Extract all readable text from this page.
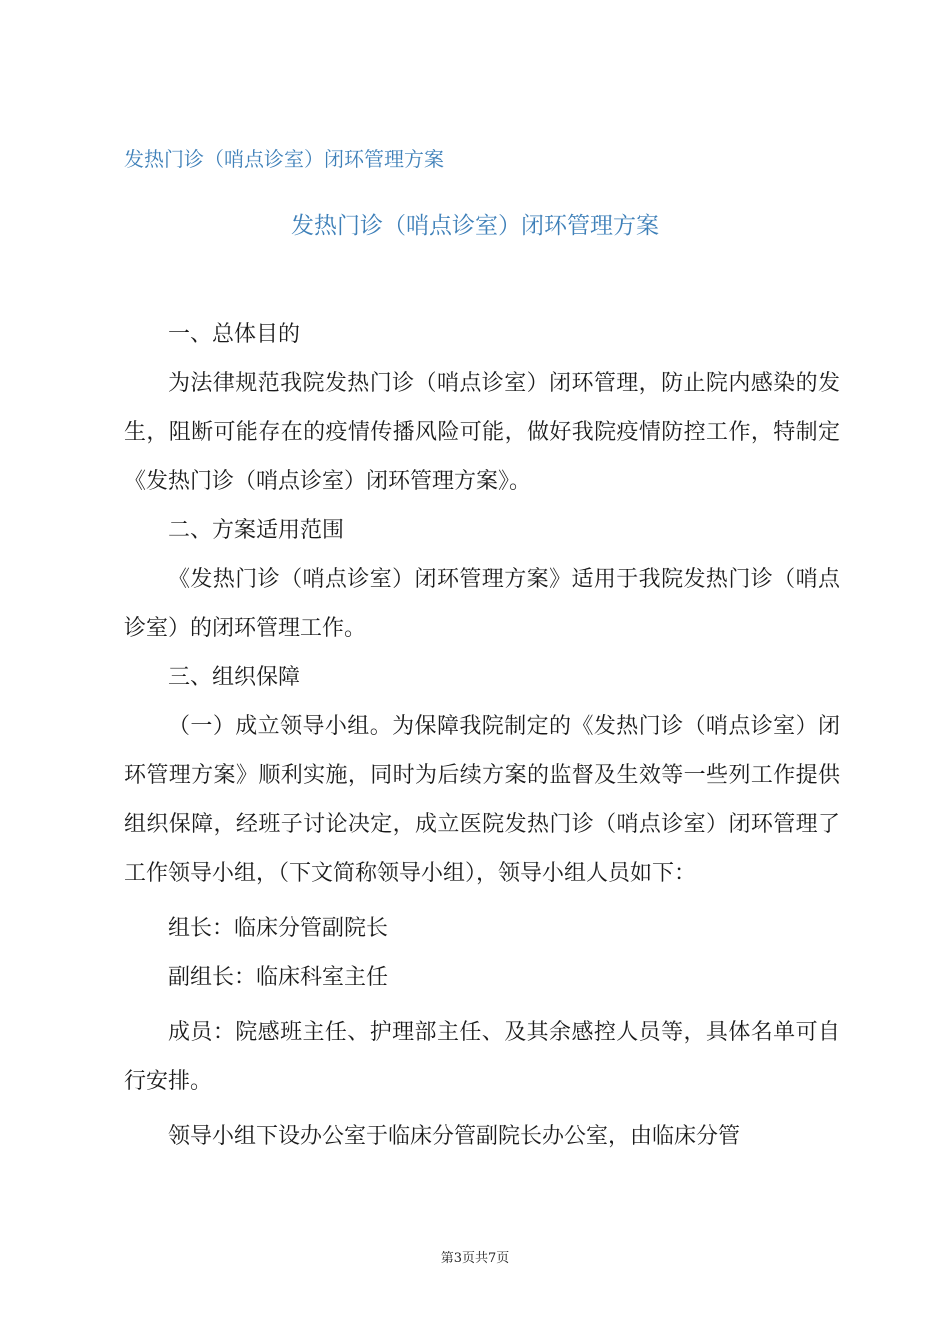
发热门诊（哨点诊室）闭环管理方案
发热门诊（哨点诊室）闭环管理方案

一、总体目的

为法律规范我院发热门诊（哨点诊室）闭环管理，防止院内感染的发生，阻断可能存在的疫情传播风险可能，做好我院疫情防控工作，特制定《发热门诊（哨点诊室）闭环管理方案》。

二、方案适用范围

《发热门诊（哨点诊室）闭环管理方案》适用于我院发热门诊（哨点诊室）的闭环管理工作。

三、组织保障

（一）成立领导小组。为保障我院制定的《发热门诊（哨点诊室）闭环管理方案》顺利实施，同时为后续方案的监督及生效等一些列工作提供组织保障，经班子讨论决定，成立医院发热门诊（哨点诊室）闭环管理了工作领导小组，（下文简称领导小组），领导小组人员如下：

组长：临床分管副院长

副组长：临床科室主任

成员：院感班主任、护理部主任、及其余感控人员等，具体名单可自行安排。

领导小组下设办公室于临床分管副院长办公室，由临床分管

第3页共7页
